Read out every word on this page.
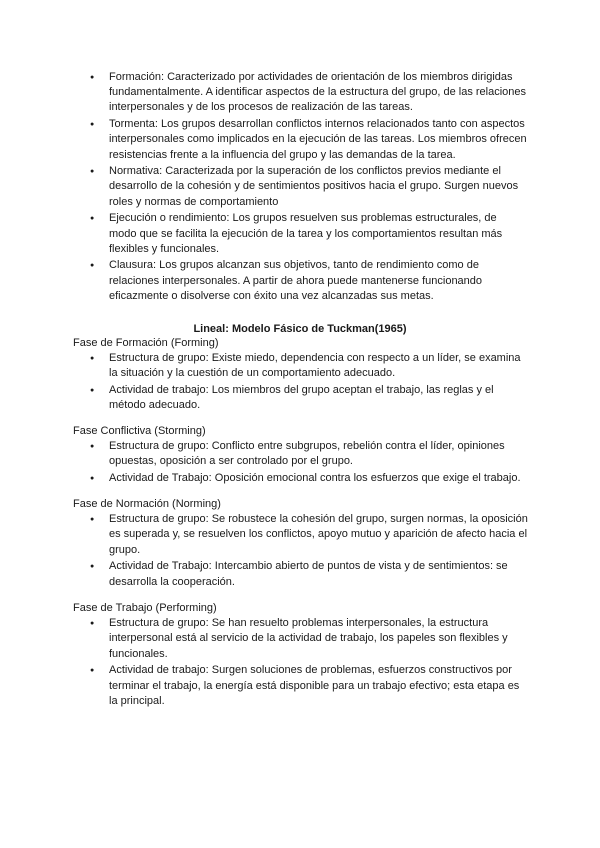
● Formación: Caracterizado por actividades de orientación de los miembros dirigidas fundamentalmente. A identificar aspectos de la estructura del grupo, de las relaciones interpersonales y de los procesos de realización de las tareas.
● Tormenta: Los grupos desarrollan conflictos internos relacionados tanto con aspectos interpersonales como implicados en la ejecución de las tareas. Los miembros ofrecen resistencias frente a la influencia del grupo y las demandas de la tarea.
● Normativa: Caracterizada por la superación de los conflictos previos mediante el desarrollo de la cohesión y de sentimientos positivos hacia el grupo. Surgen nuevos roles y normas de comportamiento
● Ejecución o rendimiento: Los grupos resuelven sus problemas estructurales, de modo que se facilita la ejecución de la tarea y los comportamientos resultan más flexibles y funcionales.
● Clausura: Los grupos alcanzan sus objetivos, tanto de rendimiento como de relaciones interpersonales. A partir de ahora puede mantenerse funcionando eficazmente o disolverse con éxito una vez alcanzadas sus metas.
Lineal: Modelo Fásico de Tuckman(1965)
Fase de Formación (Forming)
● Estructura de grupo: Existe miedo, dependencia con respecto a un líder, se examina la situación y la cuestión de un comportamiento adecuado.
● Actividad de trabajo: Los miembros del grupo aceptan el trabajo, las reglas y el método adecuado.
Fase Conflictiva (Storming)
● Estructura de grupo: Conflicto entre subgrupos, rebelión contra el líder, opiniones opuestas, oposición a ser controlado por el grupo.
● Actividad de Trabajo: Oposición emocional contra los esfuerzos que exige el trabajo.
Fase de Normación (Norming)
● Estructura de grupo: Se robustece la cohesión del grupo, surgen normas, la oposición es superada y, se resuelven los conflictos, apoyo mutuo y aparición de afecto hacia el grupo.
● Actividad de Trabajo: Intercambio abierto de puntos de vista y de sentimientos: se desarrolla la cooperación.
Fase de Trabajo (Performing)
● Estructura de grupo: Se han resuelto problemas interpersonales, la estructura interpersonal está al servicio de la actividad de trabajo, los papeles son flexibles y funcionales.
● Actividad de trabajo: Surgen soluciones de problemas, esfuerzos constructivos por terminar el trabajo, la energía está disponible para un trabajo efectivo; esta etapa es la principal.
